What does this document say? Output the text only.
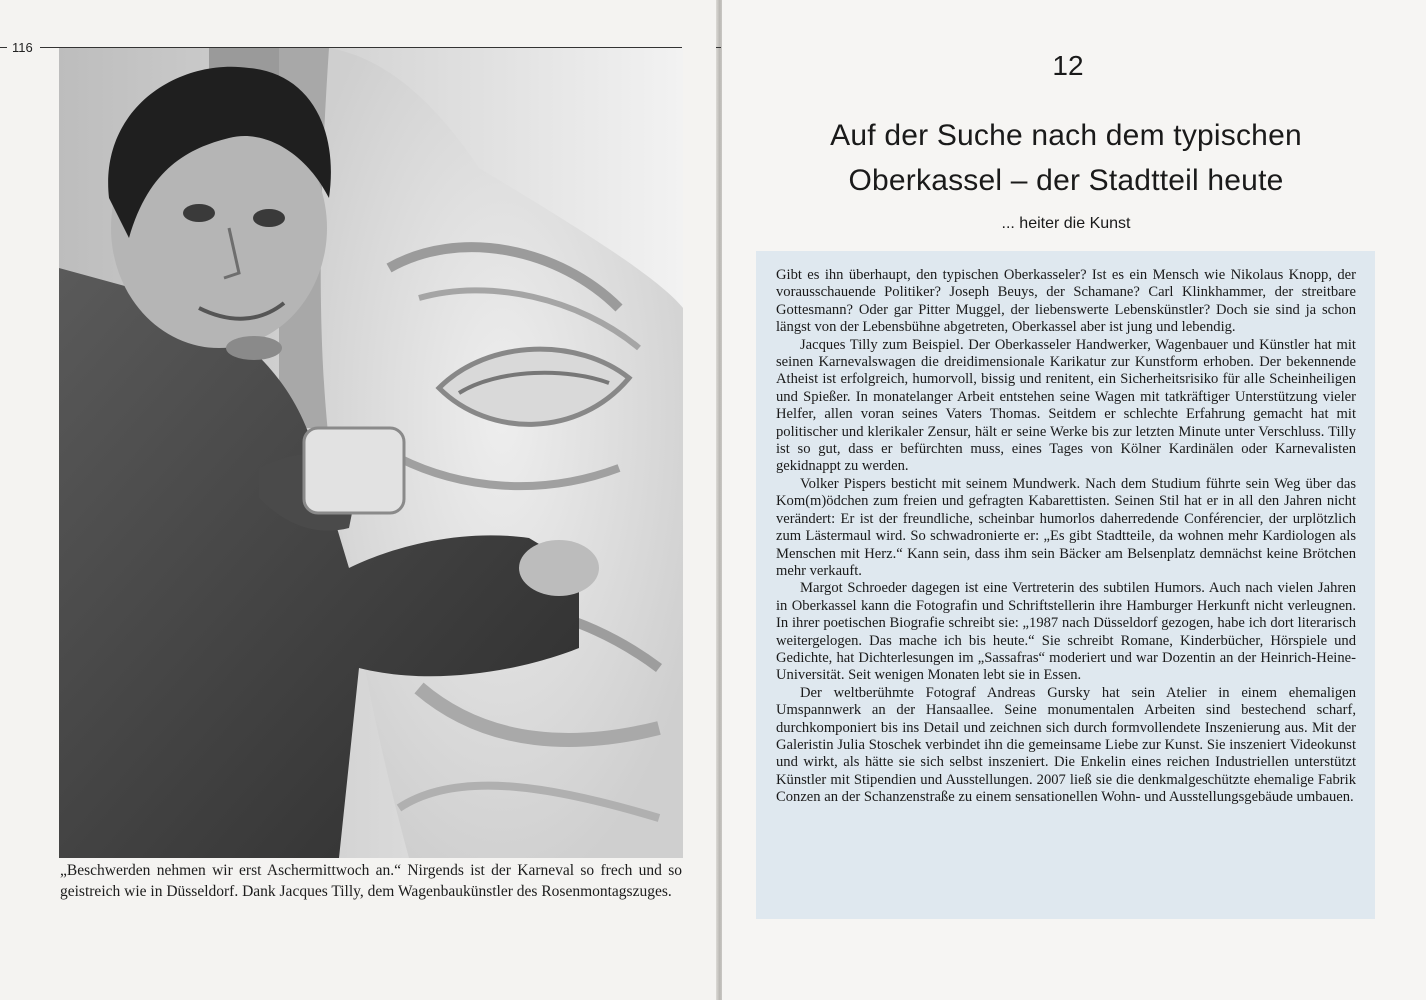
116
„Beschwerden nehmen wir erst Aschermittwoch an.“ Nirgends ist der Karneval so frech und so geistreich wie in Düsseldorf. Dank Jacques Tilly, dem Wagenbaukünstler des Rosenmontagszuges.
12
Auf der Suche nach dem typischen
Oberkassel – der Stadtteil heute
... heiter die Kunst

Gibt es ihn überhaupt, den typischen Oberkasseler? Ist es ein Mensch wie Nikolaus Knopp, der vorausschauende Politiker? Joseph Beuys, der Schamane? Carl Klinkhammer, der streitbare Gottesmann? Oder gar Pitter Muggel, der liebenswerte Lebenskünstler? Doch sie sind ja schon längst von der Lebensbühne abgetreten, Oberkassel aber ist jung und lebendig.

Jacques Tilly zum Beispiel. Der Oberkasseler Handwerker, Wagenbauer und Künstler hat mit seinen Karnevalswagen die dreidimensionale Karikatur zur Kunstform erhoben. Der bekennende Atheist ist erfolgreich, humorvoll, bissig und renitent, ein Sicherheitsrisiko für alle Scheinheiligen und Spießer. In monatelanger Arbeit entstehen seine Wagen mit tatkräftiger Unterstützung vieler Helfer, allen voran seines Vaters Thomas. Seitdem er schlechte Erfahrung gemacht hat mit politischer und klerikaler Zensur, hält er seine Werke bis zur letzten Minute unter Verschluss. Tilly ist so gut, dass er befürchten muss, eines Tages von Kölner Kardinälen oder Karnevalisten gekidnappt zu werden.

Volker Pispers besticht mit seinem Mundwerk. Nach dem Studium führte sein Weg über das Kom(m)ödchen zum freien und gefragten Kabarettisten. Seinen Stil hat er in all den Jahren nicht verändert: Er ist der freundliche, scheinbar humorlos daherredende Conférencier, der urplötzlich zum Lästermaul wird. So schwadronierte er: „Es gibt Stadtteile, da wohnen mehr Kardiologen als Menschen mit Herz.“ Kann sein, dass ihm sein Bäcker am Belsenplatz demnächst keine Brötchen mehr verkauft.

Margot Schroeder dagegen ist eine Vertreterin des subtilen Humors. Auch nach vielen Jahren in Oberkassel kann die Fotografin und Schriftstellerin ihre Hamburger Herkunft nicht verleugnen. In ihrer poetischen Biografie schreibt sie: „1987 nach Düsseldorf gezogen, habe ich dort literarisch weitergelogen. Das mache ich bis heute.“ Sie schreibt Romane, Kinderbücher, Hörspiele und Gedichte, hat Dichterlesungen im „Sassafras“ moderiert und war Dozentin an der Heinrich-Heine-Universität. Seit wenigen Monaten lebt sie in Essen.

Der weltberühmte Fotograf Andreas Gursky hat sein Atelier in einem ehemaligen Umspannwerk an der Hansaallee. Seine monumentalen Arbeiten sind bestechend scharf, durchkomponiert bis ins Detail und zeichnen sich durch formvollendete Inszenierung aus. Mit der Galeristin Julia Stoschek verbindet ihn die gemeinsame Liebe zur Kunst. Sie inszeniert Videokunst und wirkt, als hätte sie sich selbst inszeniert. Die Enkelin eines reichen Industriellen unterstützt Künstler mit Stipendien und Ausstellungen. 2007 ließ sie die denkmalgeschützte ehemalige Fabrik Conzen an der Schanzenstraße zu einem sensationellen Wohn- und Ausstellungsgebäude umbauen.
